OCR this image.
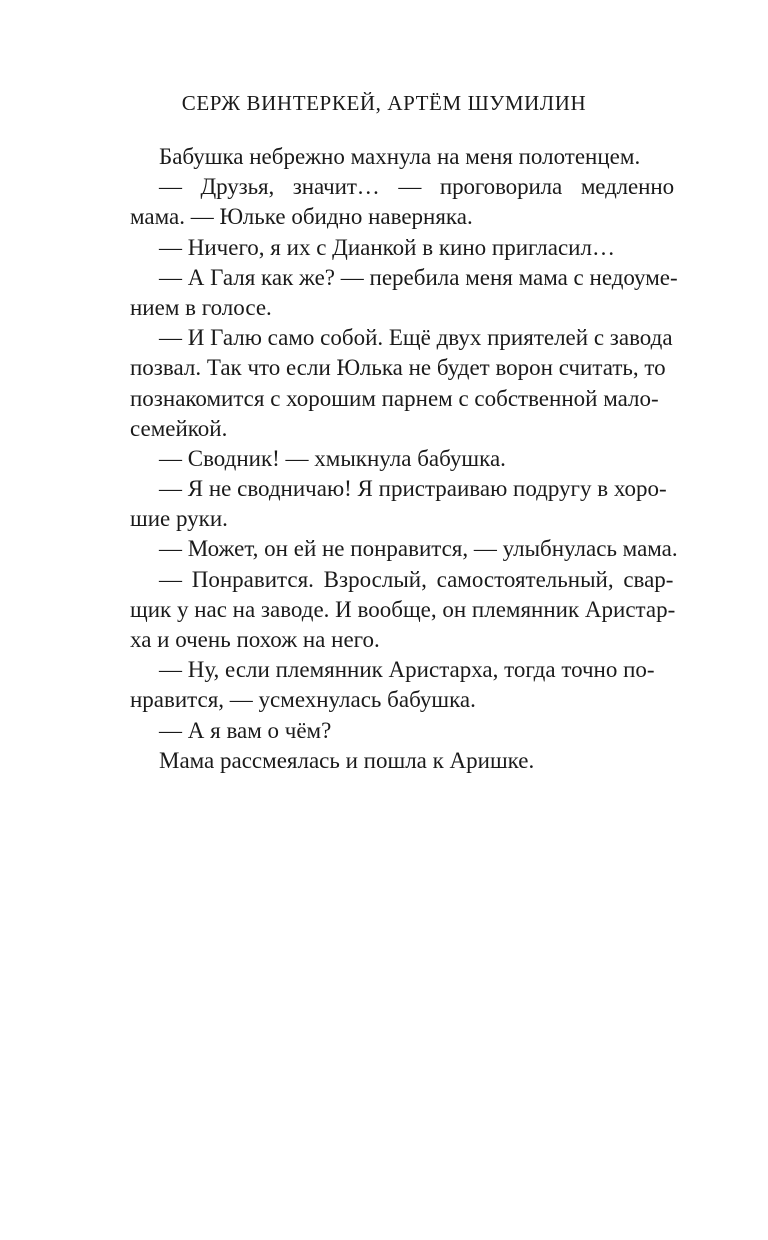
СЕРЖ ВИНТЕРКЕЙ, АРТЁМ ШУМИЛИН
Бабушка небрежно махнула на меня полотенцем.
— Друзья, значит… — проговорила медленно
мама. — Юльке обидно наверняка.
— Ничего, я их с Дианкой в кино пригласил…
— А Галя как же? — перебила меня мама с недоуме-
нием в голосе.
— И Галю само собой. Ещё двух приятелей с завода
позвал. Так что если Юлька не будет ворон считать, то
познакомится с хорошим парнем с собственной мало-
семейкой.
— Сводник! — хмыкнула бабушка.
— Я не сводничаю! Я пристраиваю подругу в хоро-
шие руки.
— Может, он ей не понравится, — улыбнулась мама.
— Понравится. Взрослый, самостоятельный, свар-
щик у нас на заводе. И вообще, он племянник Аристар-
ха и очень похож на него.
— Ну, если племянник Аристарха, тогда точно по-
нравится, — усмехнулась бабушка.
— А я вам о чём?
Мама рассмеялась и пошла к Аришке.
